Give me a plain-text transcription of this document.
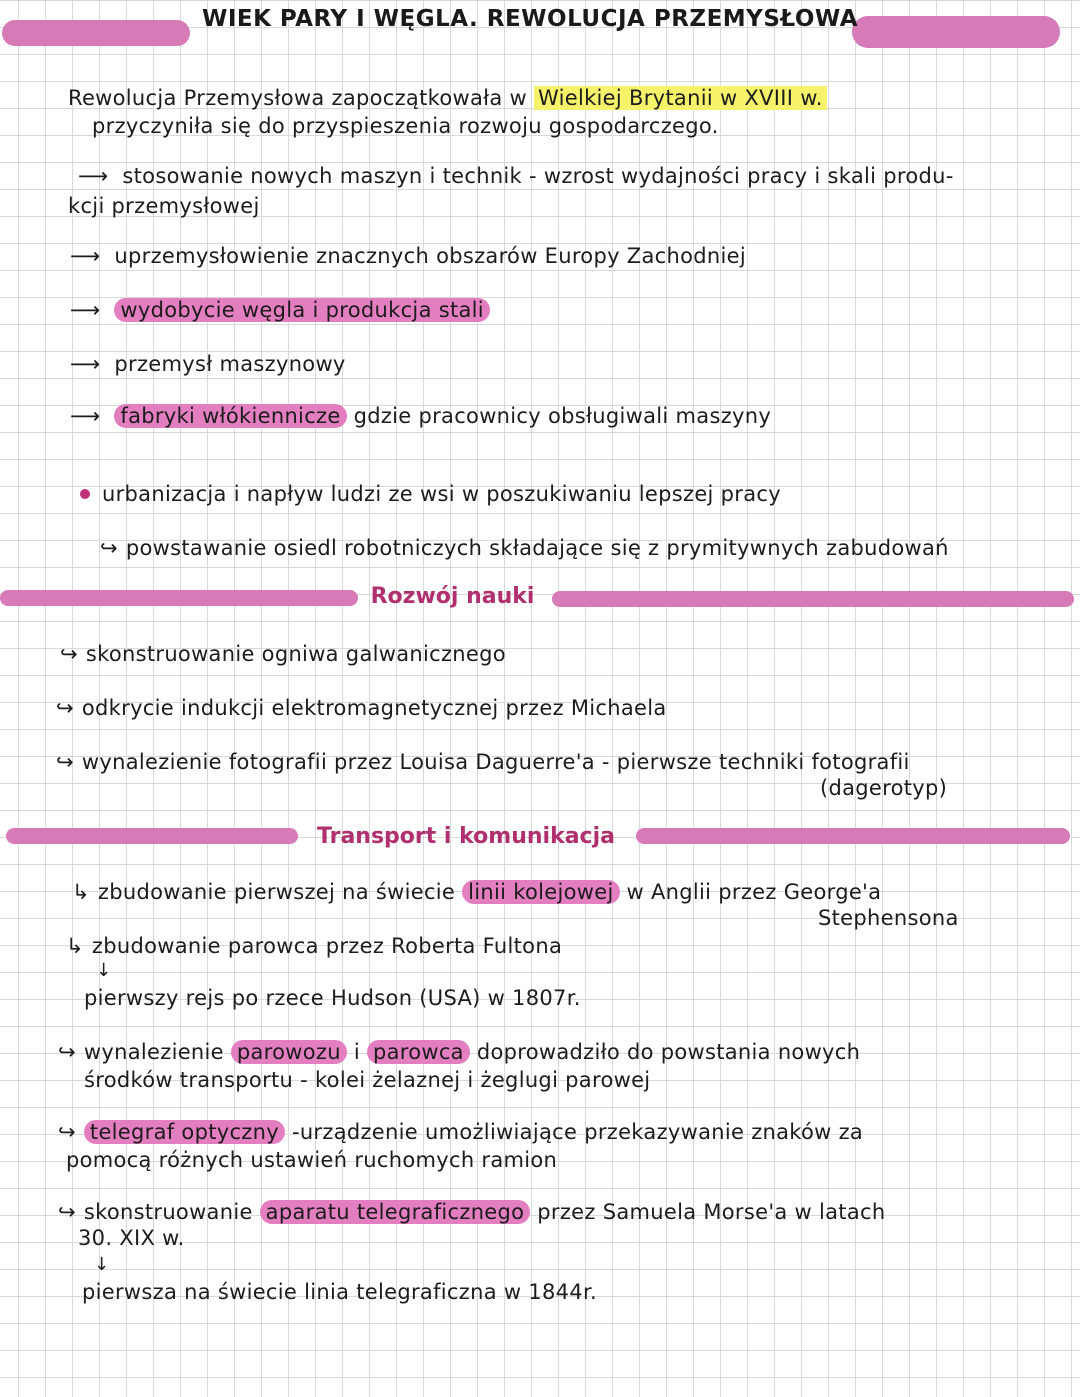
WIEK PARY I WĘGLA. REWOLUCJA PRZEMYSŁOWA
Rewolucja Przemysłowa zapoczątkowała w Wielkiej Brytanii w XVIII w.
przyczyniła się do przyspieszenia rozwoju gospodarczego.
⟶ stosowanie nowych maszyn i technik - wzrost wydajności pracy i skali produ-
kcji przemysłowej
⟶ uprzemysłowienie znacznych obszarów Europy Zachodniej
⟶ wydobycie węgla i produkcja stali
⟶ przemysł maszynowy
⟶ fabryki włókiennicze gdzie pracownicy obsługiwali maszyny
urbanizacja i napływ ludzi ze wsi w poszukiwaniu lepszej pracy
↪ powstawanie osiedl robotniczych składające się z prymitywnych zabudowań
Rozwój nauki
↪ skonstruowanie ogniwa galwanicznego
↪ odkrycie indukcji elektromagnetycznej przez Michaela
↪ wynalezienie fotografii przez Louisa Daguerre'a - pierwsze techniki fotografii
(dagerotyp)
Transport i komunikacja
↳ zbudowanie pierwszej na świecie linii kolejowej w Anglii przez George'a
Stephensona
↳ zbudowanie parowca przez Roberta Fultona
↓
pierwszy rejs po rzece Hudson (USA) w 1807r.
↪ wynalezienie parowozu i parowca doprowadziło do powstania nowych
środków transportu - kolei żelaznej i żeglugi parowej
↪ telegraf optyczny -urządzenie umożliwiające przekazywanie znaków za
pomocą różnych ustawień ruchomych ramion
↪ skonstruowanie aparatu telegraficznego przez Samuela Morse'a w latach
30. XIX w.
↓
pierwsza na świecie linia telegraficzna w 1844r.
